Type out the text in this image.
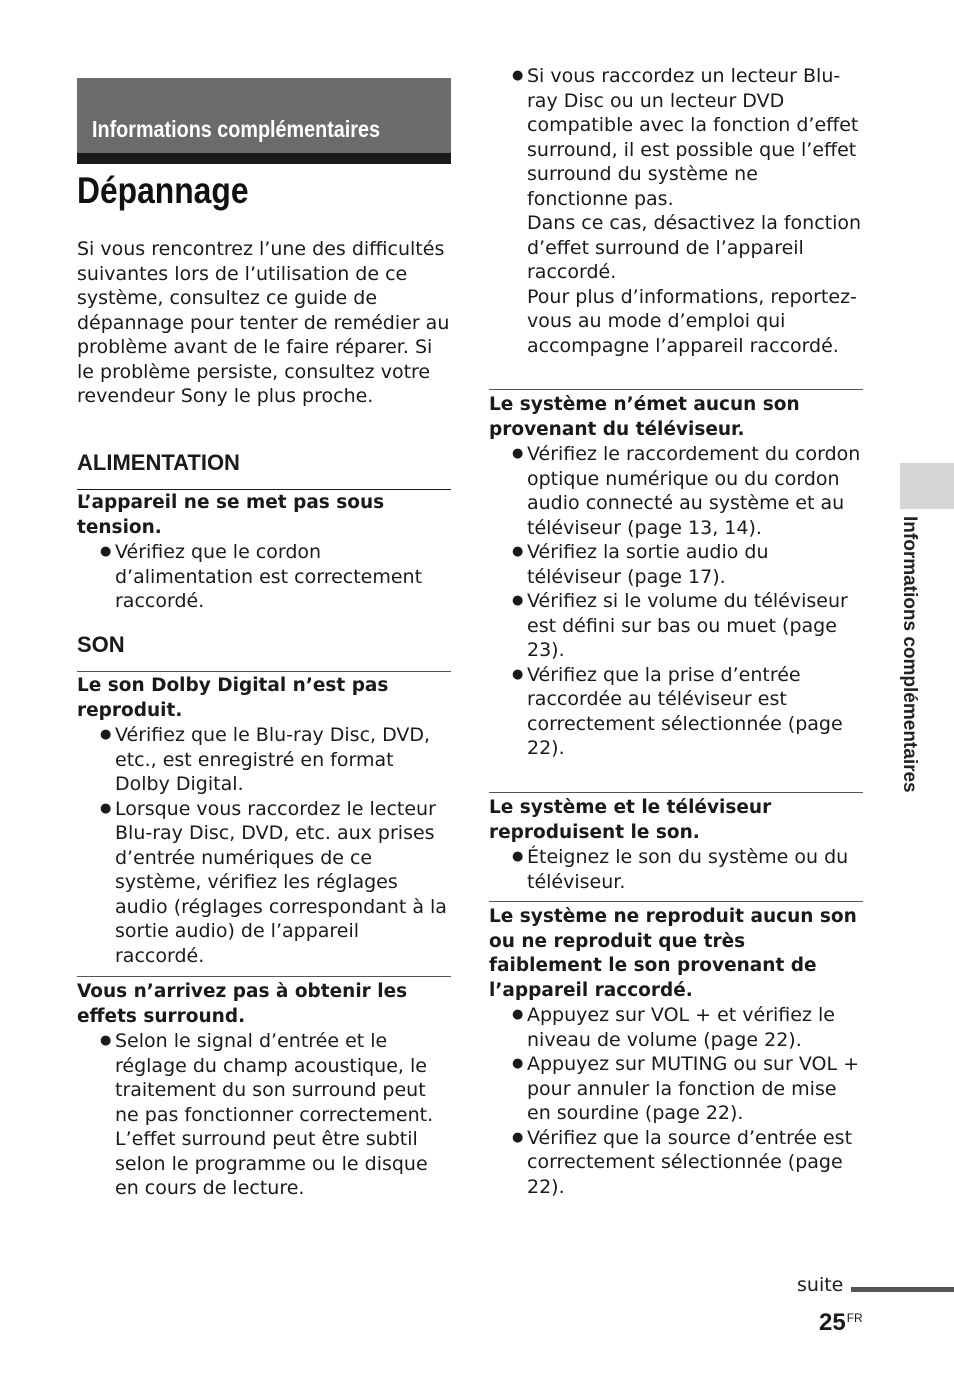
Informations complémentaires
Dépannage

Si vous rencontrez l’une des difficultés suivantes lors de l’utilisation de ce système, consultez ce guide de dépannage pour tenter de remédier au problème avant de le faire réparer. Si le problème persiste, consultez votre revendeur Sony le plus proche.

ALIMENTATION

L’appareil ne se met pas sous tension.

● Vérifiez que le cordon d’alimentation est correctement raccordé.
SON

Le son Dolby Digital n’est pas reproduit.

● Vérifiez que le Blu-ray Disc, DVD, etc., est enregistré en format Dolby Digital.
● Lorsque vous raccordez le lecteur Blu-ray Disc, DVD, etc. aux prises d’entrée numériques de ce système, vérifiez les réglages audio (réglages correspondant à la sortie audio) de l’appareil raccordé.

Vous n’arrivez pas à obtenir les effets surround.

● Selon le signal d’entrée et le réglage du champ acoustique, le traitement du son surround peut ne pas fonctionner correctement. L’effet surround peut être subtil selon le programme ou le disque en cours de lecture.
● Si vous raccordez un lecteur Blu-ray Disc ou un lecteur DVD compatible avec la fonction d’effet surround, il est possible que l’effet surround du système ne fonctionne pas.
Dans ce cas, désactivez la fonction d’effet surround de l’appareil raccordé.
Pour plus d’informations, reportez-vous au mode d’emploi qui accompagne l’appareil raccordé.

Le système n’émet aucun son provenant du téléviseur.

● Vérifiez le raccordement du cordon optique numérique ou du cordon audio connecté au système et au téléviseur (page 13, 14).
● Vérifiez la sortie audio du téléviseur (page 17).
● Vérifiez si le volume du téléviseur est défini sur bas ou muet (page 23).
● Vérifiez que la prise d’entrée raccordée au téléviseur est correctement sélectionnée (page 22).

Le système et le téléviseur reproduisent le son.

● Éteignez le son du système ou du téléviseur.

Le système ne reproduit aucun son ou ne reproduit que très faiblement le son provenant de l’appareil raccordé.

● Appuyez sur VOL + et vérifiez le niveau de volume (page 22).
● Appuyez sur MUTING ou sur VOL + pour annuler la fonction de mise en sourdine (page 22).
● Vérifiez que la source d’entrée est correctement sélectionnée (page 22).
Informations complémentaires
suite
$25^{FR}$
